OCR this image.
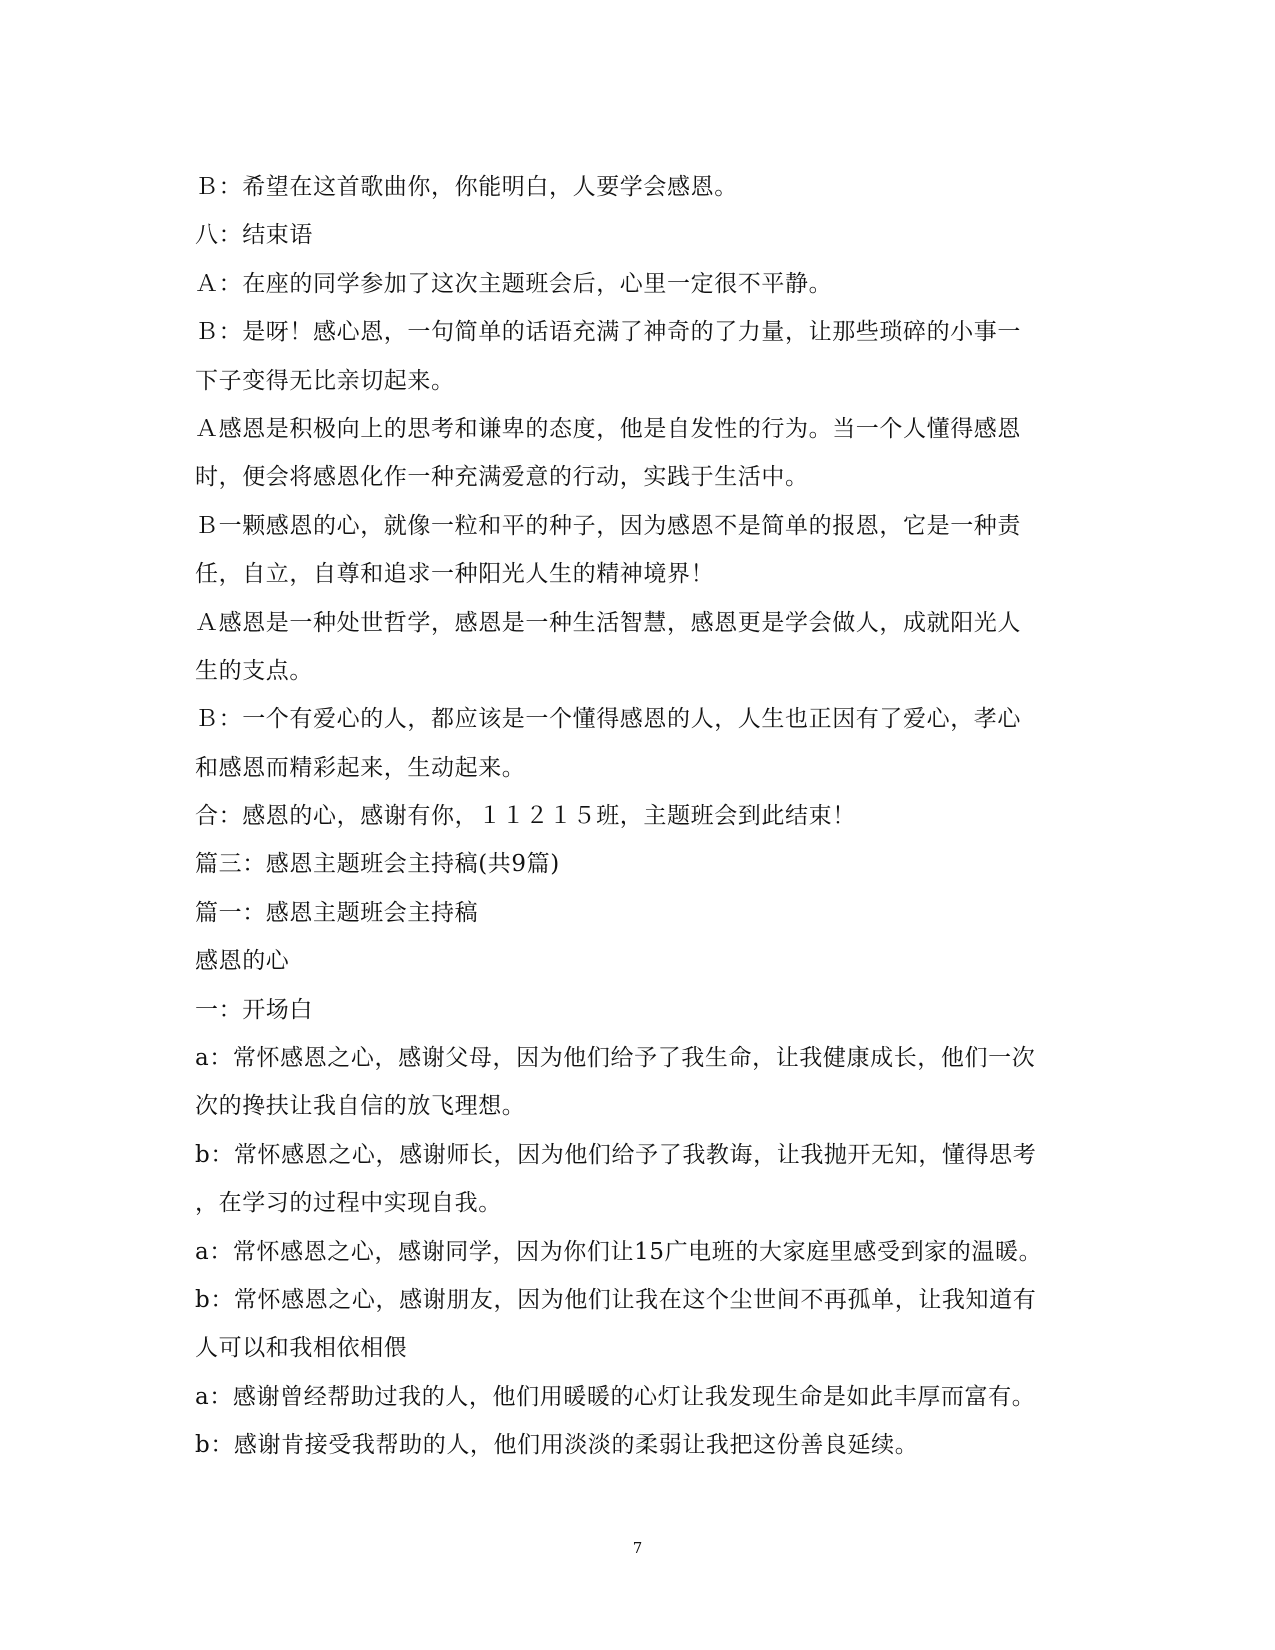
Ｂ：希望在这首歌曲你，你能明白，人要学会感恩。
八：结束语
Ａ：在座的同学参加了这次主题班会后，心里一定很不平静。
Ｂ：是呀！感心恩，一句简单的话语充满了神奇的了力量，让那些琐碎的小事一
下子变得无比亲切起来。
Ａ感恩是积极向上的思考和谦卑的态度，他是自发性的行为。当一个人懂得感恩
时，便会将感恩化作一种充满爱意的行动，实践于生活中。
Ｂ一颗感恩的心，就像一粒和平的种子，因为感恩不是简单的报恩，它是一种责
任，自立，自尊和追求一种阳光人生的精神境界！
Ａ感恩是一种处世哲学，感恩是一种生活智慧，感恩更是学会做人，成就阳光人
生的支点。
Ｂ：一个有爱心的人，都应该是一个懂得感恩的人，人生也正因有了爱心，孝心
和感恩而精彩起来，生动起来。
合：感恩的心，感谢有你，１１２１５班，主题班会到此结束！
篇三：感恩主题班会主持稿(共9篇)
篇一：感恩主题班会主持稿
感恩的心
一：开场白
a：常怀感恩之心，感谢父母，因为他们给予了我生命，让我健康成长，他们一次
次的搀扶让我自信的放飞理想。
b：常怀感恩之心，感谢师长，因为他们给予了我教诲，让我抛开无知，懂得思考
，在学习的过程中实现自我。
a：常怀感恩之心，感谢同学，因为你们让15广电班的大家庭里感受到家的温暖。
b：常怀感恩之心，感谢朋友，因为他们让我在这个尘世间不再孤单，让我知道有
人可以和我相依相偎
a：感谢曾经帮助过我的人，他们用暖暖的心灯让我发现生命是如此丰厚而富有。
b：感谢肯接受我帮助的人，他们用淡淡的柔弱让我把这份善良延续。
7
